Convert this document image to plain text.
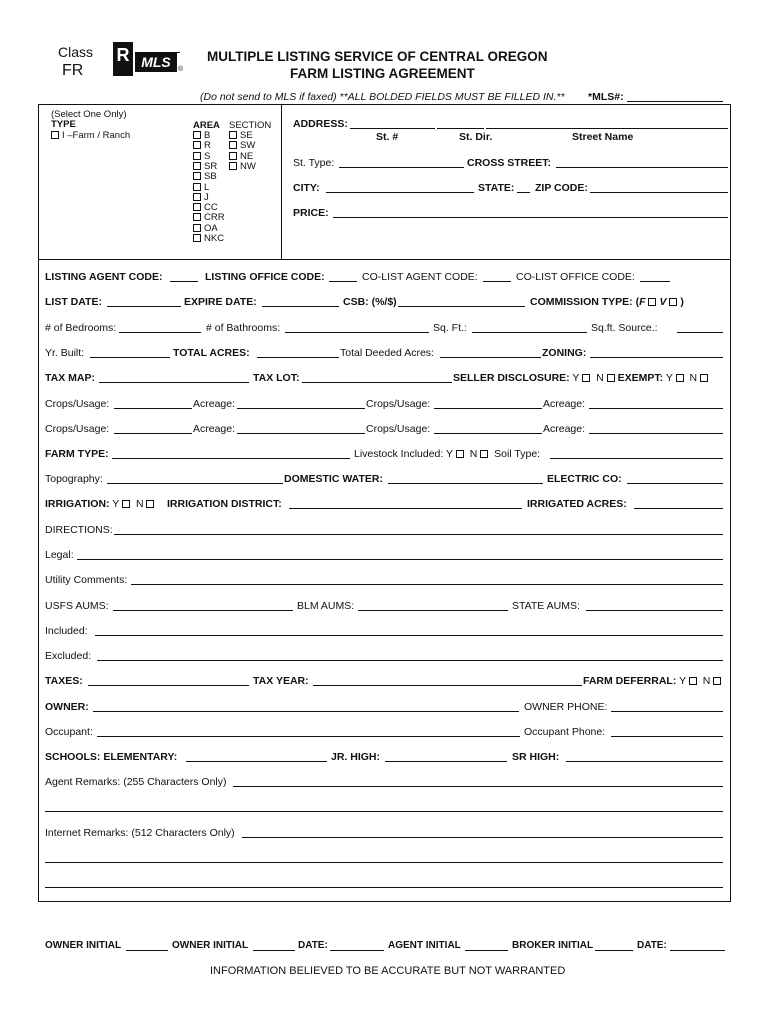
Class
FR
R MLS	®
MULTIPLE LISTING SERVICE OF CENTRAL OREGON
FARM LISTING AGREEMENT
(Do not send to MLS if faxed) **ALL BOLDED FIELDS MUST BE FILLED IN.** *MLS#:
(Select One Only)
TYPE
I –Farm / Ranch
AREA
B
R
S
SR
SB
L
J
CC
CRR
OA
NKC
SECTION
SE
SW
NE
NW
ADDRESS:
St. #	St. Dir.	Street Name
St. Type:	CROSS STREET:
CITY:	STATE: ZIP CODE:
PRICE:
LISTING AGENT CODE:	LISTING OFFICE CODE:	CO-LIST AGENT CODE:	CO-LIST OFFICE CODE:
LIST DATE:	EXPIRE DATE:	CSB: (%/$)	COMMISSION TYPE: (F V )
# of Bedrooms:	# of Bathrooms:	Sq. Ft.:	Sq.ft. Source.:
Yr. Built:	TOTAL ACRES:	Total Deeded Acres:	ZONING:
TAX MAP:	TAX LOT:	SELLER DISCLOSURE: Y N EXEMPT: Y N
Crops/Usage:	Acreage:	Crops/Usage:	Acreage:
Crops/Usage:	Acreage:	Crops/Usage:	Acreage:
FARM TYPE:	Livestock Included: Y N Soil Type:
Topography:	DOMESTIC WATER:	ELECTRIC CO:
IRRIGATION: Y N	IRRIGATION DISTRICT:	IRRIGATED ACRES:
DIRECTIONS:
Legal:
Utility Comments:
USFS AUMS:	BLM AUMS:	STATE AUMS:
Included:
Excluded:
TAXES:	TAX YEAR:	FARM DEFERRAL: Y N
OWNER:	OWNER PHONE:
Occupant:	Occupant Phone:
SCHOOLS: ELEMENTARY:	JR. HIGH:	SR HIGH:
Agent Remarks: (255 Characters Only)
Internet Remarks: (512 Characters Only)
OWNER INITIAL	OWNER INITIAL	DATE:	AGENT INITIAL	BROKER INITIAL	DATE:
INFORMATION BELIEVED TO BE ACCURATE BUT NOT WARRANTED
